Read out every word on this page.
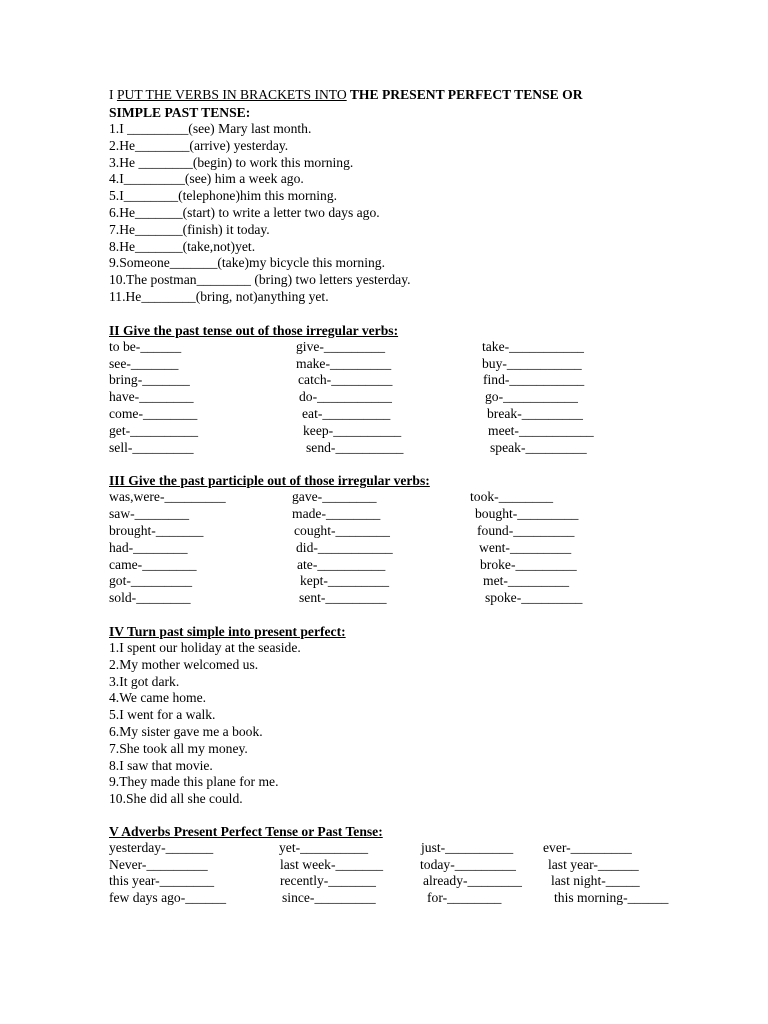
I PUT THE VERBS IN BRACKETS INTO THE PRESENT PERFECT TENSE OR
SIMPLE PAST TENSE:
1.I _________(see) Mary last month.
2.He________(arrive) yesterday.
3.He ________(begin) to work this morning.
4.I_________(see) him a week ago.
5.I________(telephone)him this morning.
6.He_______(start) to write a letter two days ago.
7.He_______(finish) it today.
8.He_______(take,not)yet.
9.Someone_______(take)my bicycle this morning.
10.The postman________ (bring) two letters yesterday.
11.He________(bring, not)anything yet.
II Give the past tense out of those irregular verbs:
to be-______	give-_________	take-___________
see-_______	make-_________	buy-___________
bring-_______	catch-_________	find-___________
have-________	do-___________	go-___________
come-________	eat-__________	break-_________
get-__________	keep-__________	meet-___________
sell-_________	send-__________	speak-_________
III Give the past participle out of those irregular verbs:
was,were-_________	gave-________	took-________
saw-________	made-________	bought-_________
brought-_______	cought-________	found-_________
had-________	did-___________	went-_________
came-________	ate-__________	broke-_________
got-_________	kept-_________	met-_________
sold-________	sent-_________	spoke-_________
IV Turn past simple into present perfect:
1.I spent our holiday at the seaside.
2.My mother welcomed us.
3.It got dark.
4.We came home.
5.I went for a walk.
6.My sister gave me a book.
7.She took all my money.
8.I saw that movie.
9.They made this plane for me.
10.She did all she could.
V Adverbs Present Perfect Tense or Past Tense:
yesterday-_______	yet-__________	just-__________ ever-_________
Never-_________	last week-_______	today-_________ last year-______
this year-________	recently-_______	already-________ last night-_____
few days ago-______	since-_________	for-________	this morning-______
